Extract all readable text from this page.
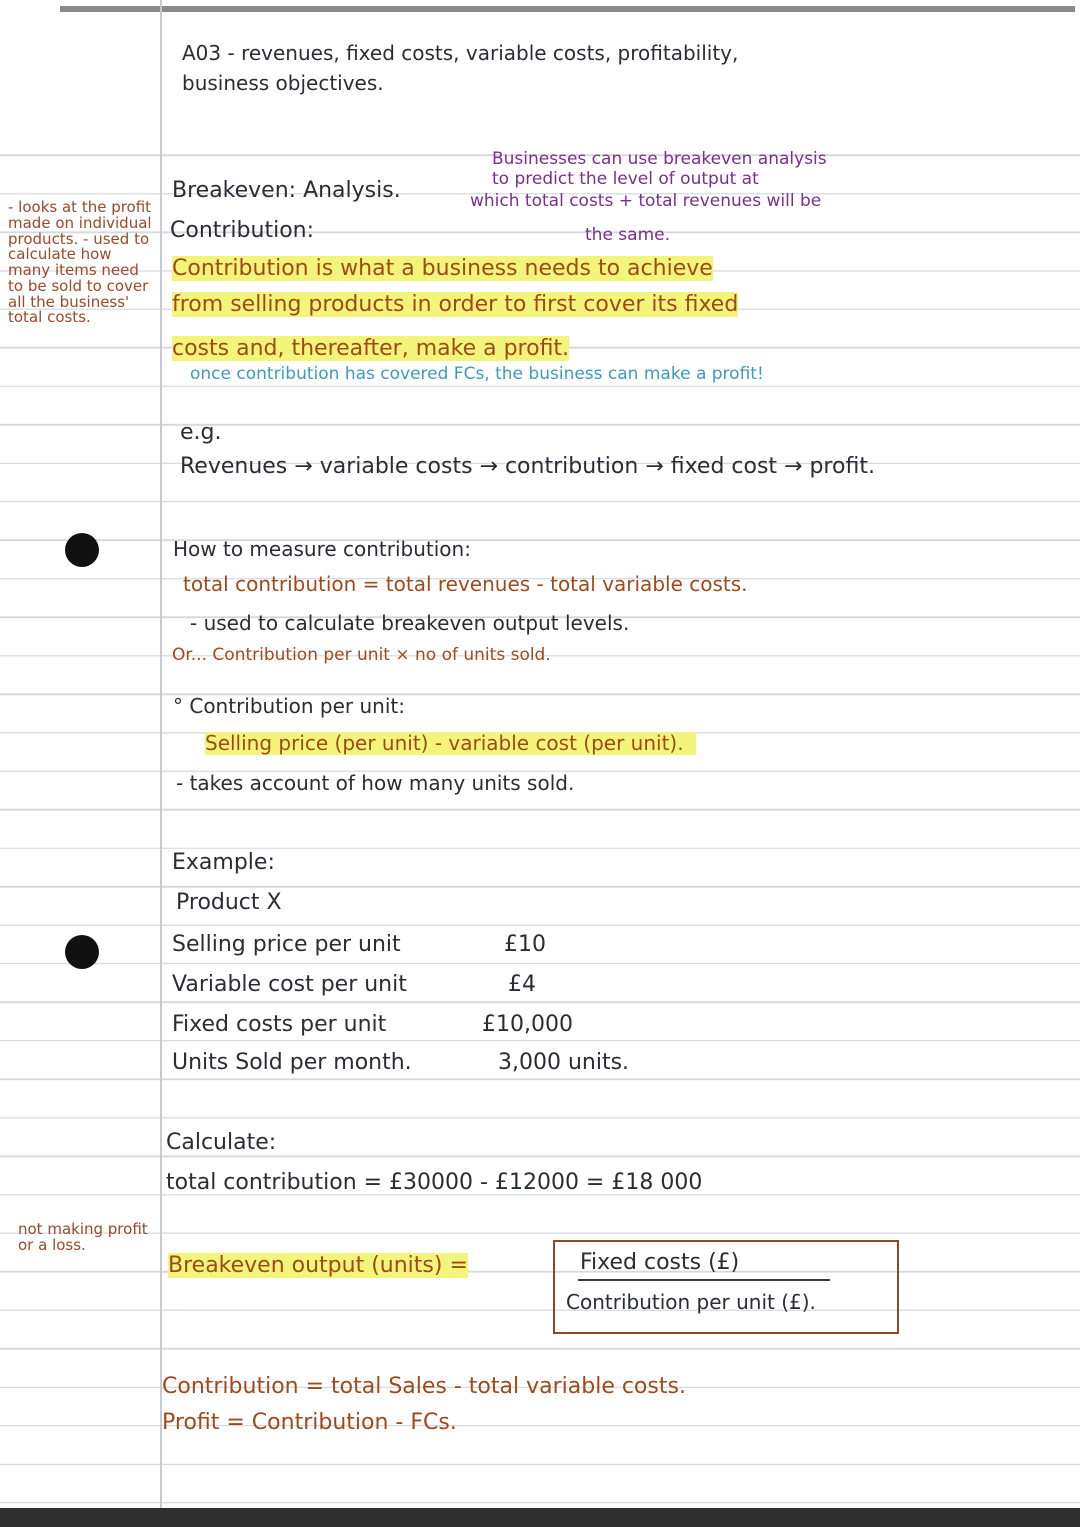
A03 - revenues, fixed costs, variable costs, profitability,
business objectives.
- looks at the profit made on individual products. - used to calculate how many items need to be sold to cover all the business' total costs.
not making profit or a loss.
Breakeven: Analysis.
Businesses can use breakeven analysis
to predict the level of output at
which total costs + total revenues will be
the same.
Contribution:
Contribution is what a business needs to achieve
from selling products in order to first cover its fixed
costs and, thereafter, make a profit.
once contribution has covered FCs, the business can make a profit!
e.g.
Revenues → variable costs → contribution → fixed cost → profit.
How to measure contribution:
total contribution = total revenues - total variable costs.
- used to calculate breakeven output levels.
Or... Contribution per unit × no of units sold.
° Contribution per unit:
Selling price (per unit) - variable cost (per unit).
- takes account of how many units sold.
Example:
Product X
Selling price per unit	£10
Variable cost per unit	£4
Fixed costs per unit	£10,000
Units Sold per month.	3,000 units.
Calculate:
total contribution = £30000 - £12000 = £18 000
Breakeven output (units) =	Fixed costs (£)
Contribution per unit (£).
Contribution = total Sales - total variable costs.
Profit = Contribution - FCs.
